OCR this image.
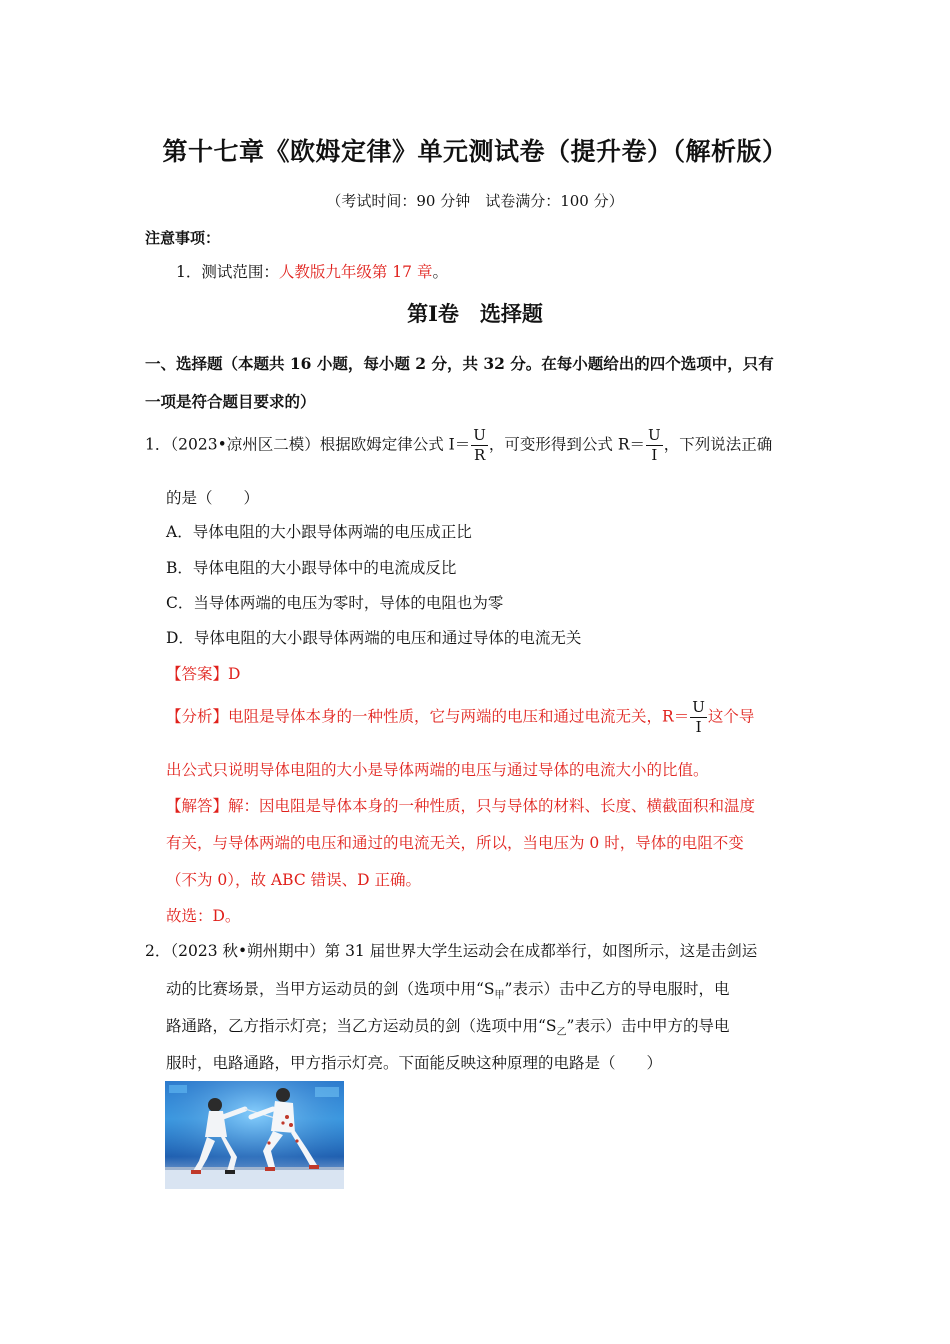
第十七章《欧姆定律》单元测试卷（提升卷）（解析版）
（考试时间：90 分钟　试卷满分：100 分）
注意事项：
1．测试范围：人教版九年级第 17 章。
第Ⅰ卷　选择题
一、选择题（本题共 16 小题，每小题 2 分，共 32 分。在每小题给出的四个选项中，只有
一项是符合题目要求的）
1．（2023•凉州区二模）根据欧姆定律公式 $I= \frac{U}{R}$ ，可变形得到公式 $R= \frac{U}{I}$ ，下列说法正确
的是（　　）
A．导体电阻的大小跟导体两端的电压成正比
B．导体电阻的大小跟导体中的电流成反比
C．当导体两端的电压为零时，导体的电阻也为零
D．导体电阻的大小跟导体两端的电压和通过导体的电流无关
【答案】D
【分析】电阻是导体本身的一种性质，它与两端的电压和通过电流无关，$R= \frac{U}{I}$ 这个导
出公式只说明导体电阻的大小是导体两端的电压与通过导体的电流大小的比值。
【解答】解：因电阻是导体本身的一种性质，只与导体的材料、长度、横截面积和温度
有关，与导体两端的电压和通过的电流无关，所以，当电压为 0 时，导体的电阻不变
（不为 0），故 ABC 错误、D 正确。
故选：D。
2．（2023 秋•朔州期中）第 31 届世界大学生运动会在成都举行，如图所示，这是击剑运
动的比赛场景，当甲方运动员的剑（选项中用“$S_甲$”表示）击中乙方的导电服时，电
路通路，乙方指示灯亮；当乙方运动员的剑（选项中用“$S_乙$”表示）击中甲方的导电
服时，电路通路，甲方指示灯亮。下面能反映这种原理的电路是（　　）
